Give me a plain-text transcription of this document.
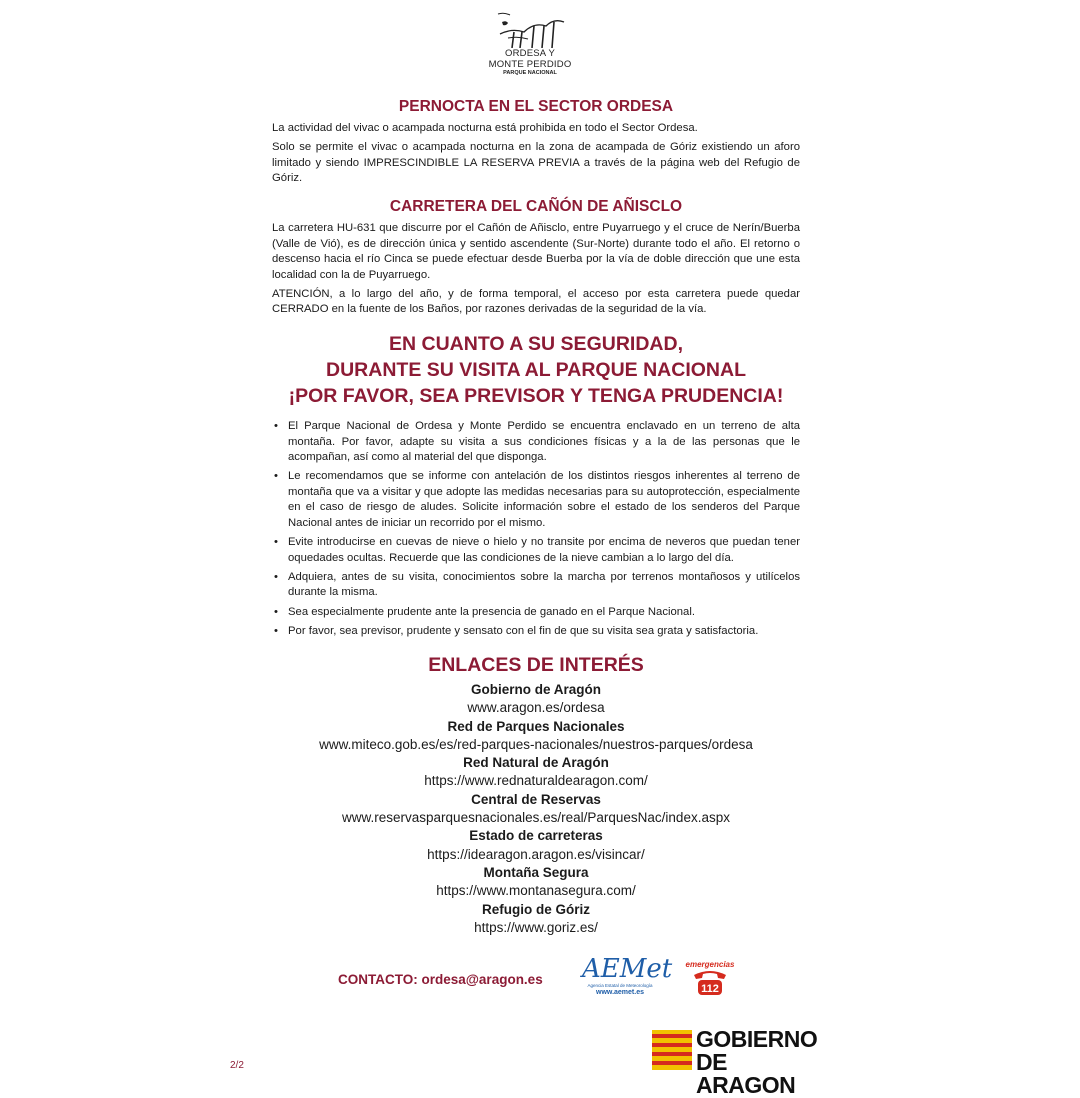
ORDESA Y
MONTE PERDIDO
PARQUE NACIONAL
PERNOCTA EN EL SECTOR ORDESA

La actividad del vivac o acampada nocturna está prohibida en todo el Sector Ordesa.

Solo se permite el vivac o acampada nocturna en la zona de acampada de Góriz existiendo un aforo limitado y siendo IMPRESCINDIBLE LA RESERVA PREVIA a través de la página web del Refugio de Góriz.

CARRETERA DEL CAÑÓN DE AÑISCLO

La carretera HU-631 que discurre por el Cañón de Añisclo, entre Puyarruego y el cruce de Nerín/Buerba (Valle de Vió), es de dirección única y sentido ascendente (Sur-Norte) durante todo el año. El retorno o descenso hacia el río Cinca se puede efectuar desde Buerba por la vía de doble dirección que une esta localidad con la de Puyarruego.

ATENCIÓN, a lo largo del año, y de forma temporal, el acceso por esta carretera puede quedar CERRADO en la fuente de los Baños, por razones derivadas de la seguridad de la vía.

EN CUANTO A SU SEGURIDAD,
DURANTE SU VISITA AL PARQUE NACIONAL
¡POR FAVOR, SEA PREVISOR Y TENGA PRUDENCIA!
• El Parque Nacional de Ordesa y Monte Perdido se encuentra enclavado en un terreno de alta montaña. Por favor, adapte su visita a sus condiciones físicas y a la de las personas que le acompañan, así como al material del que disponga.
• Le recomendamos que se informe con antelación de los distintos riesgos inherentes al terreno de montaña que va a visitar y que adopte las medidas necesarias para su autoprotección, especialmente en el caso de riesgo de aludes. Solicite información sobre el estado de los senderos del Parque Nacional antes de iniciar un recorrido por el mismo.
• Evite introducirse en cuevas de nieve o hielo y no transite por encima de neveros que puedan tener oquedades ocultas. Recuerde que las condiciones de la nieve cambian a lo largo del día.
• Adquiera, antes de su visita, conocimientos sobre la marcha por terrenos montañosos y utilícelos durante la misma.
• Sea especialmente prudente ante la presencia de ganado en el Parque Nacional.
• Por favor, sea previsor, prudente y sensato con el fin de que su visita sea grata y satisfactoria.
ENLACES DE INTERÉS
Gobierno de Aragón
www.aragon.es/ordesa
Red de Parques Nacionales
www.miteco.gob.es/es/red-parques-nacionales/nuestros-parques/ordesa
Red Natural de Aragón
https://www.rednaturaldearagon.com/
Central de Reservas
www.reservasparquesnacionales.es/real/ParquesNac/index.aspx
Estado de carreteras
https://idearagon.aragon.es/visincar/
Montaña Segura
https://www.montanasegura.com/
Refugio de Góriz
https://www.goriz.es/
CONTACTO: ordesa@aragon.es AEMet
Agencia Estatal de Meteorología
www.aemet.es
emergencias
112
GOBIERNO
DE ARAGON
2/2
